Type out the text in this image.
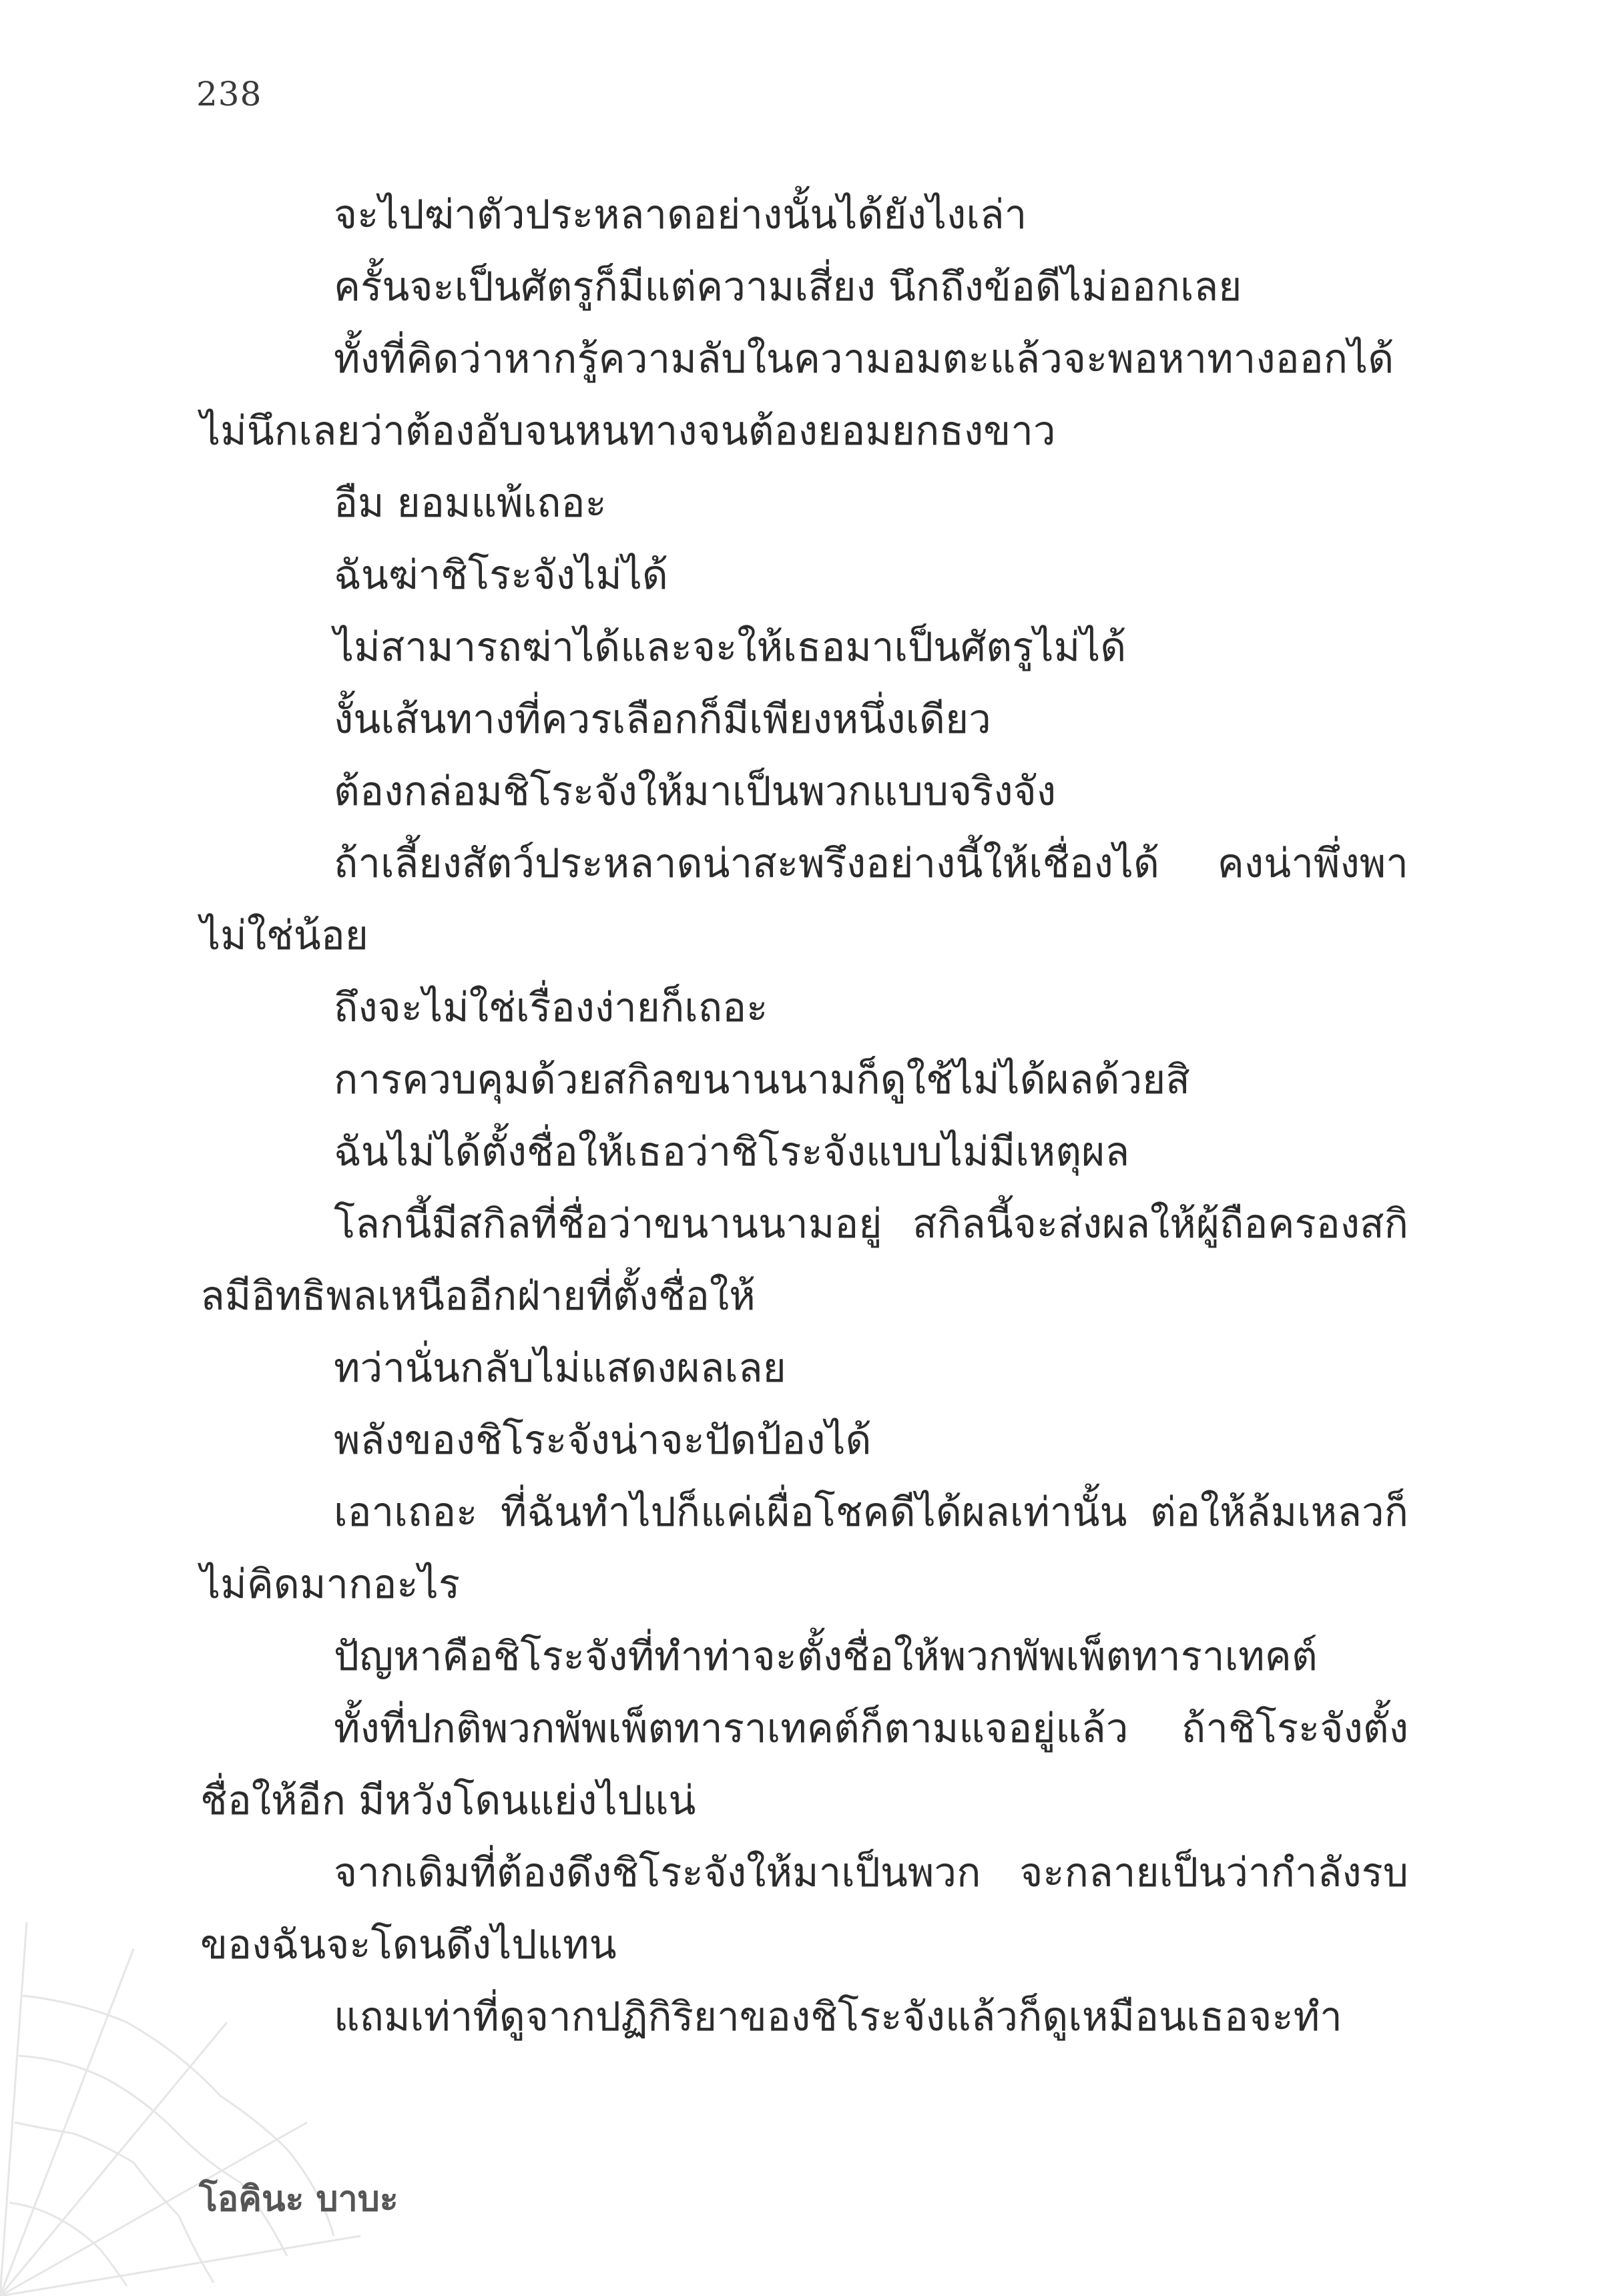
238

จะไปฆ่าตัวประหลาดอย่างนั้นได้ยังไงเล่า

ครั้นจะเป็นศัตรูก็มีแต่ความเสี่ยง นึกถึงข้อดีไม่ออกเลย

ทั้งที่คิดว่าหากรู้ความลับในความอมตะแล้วจะพอหาทางออกได้ ไม่นึกเลยว่าต้องอับจนหนทางจนต้องยอมยกธงขาว

อืม ยอมแพ้เถอะ

ฉันฆ่าชิโระจังไม่ได้

ไม่สามารถฆ่าได้และจะให้เธอมาเป็นศัตรูไม่ได้

งั้นเส้นทางที่ควรเลือกก็มีเพียงหนึ่งเดียว

ต้องกล่อมชิโระจังให้มาเป็นพวกแบบจริงจัง

ถ้าเลี้ยงสัตว์ประหลาดน่าสะพรึงอย่างนี้ให้เชื่องได้ คงน่าพึ่งพาไม่ใช่น้อย

ถึงจะไม่ใช่เรื่องง่ายก็เถอะ

การควบคุมด้วยสกิลขนานนามก็ดูใช้ไม่ได้ผลด้วยสิ

ฉันไม่ได้ตั้งชื่อให้เธอว่าชิโระจังแบบไม่มีเหตุผล

โลกนี้มีสกิลที่ชื่อว่าขนานนามอยู่ สกิลนี้จะส่งผลให้ผู้ถือครองสกิลมีอิทธิพลเหนืออีกฝ่ายที่ตั้งชื่อให้

ทว่านั่นกลับไม่แสดงผลเลย

พลังของชิโระจังน่าจะปัดป้องได้

เอาเถอะ ที่ฉันทำไปก็แค่เผื่อโชคดีได้ผลเท่านั้น ต่อให้ล้มเหลวก็ไม่คิดมากอะไร

ปัญหาคือชิโระจังที่ทำท่าจะตั้งชื่อให้พวกพัพเพ็ตทาราเทคต์

ทั้งที่ปกติพวกพัพเพ็ตทาราเทคต์ก็ตามแจอยู่แล้ว ถ้าชิโระจังตั้งชื่อให้อีก มีหวังโดนแย่งไปแน่

จากเดิมที่ต้องดึงชิโระจังให้มาเป็นพวก จะกลายเป็นว่ากำลังรบของฉันจะโดนดึงไปแทน

แถมเท่าที่ดูจากปฏิกิริยาของชิโระจังแล้วก็ดูเหมือนเธอจะทำ

โอคินะ บาบะ
